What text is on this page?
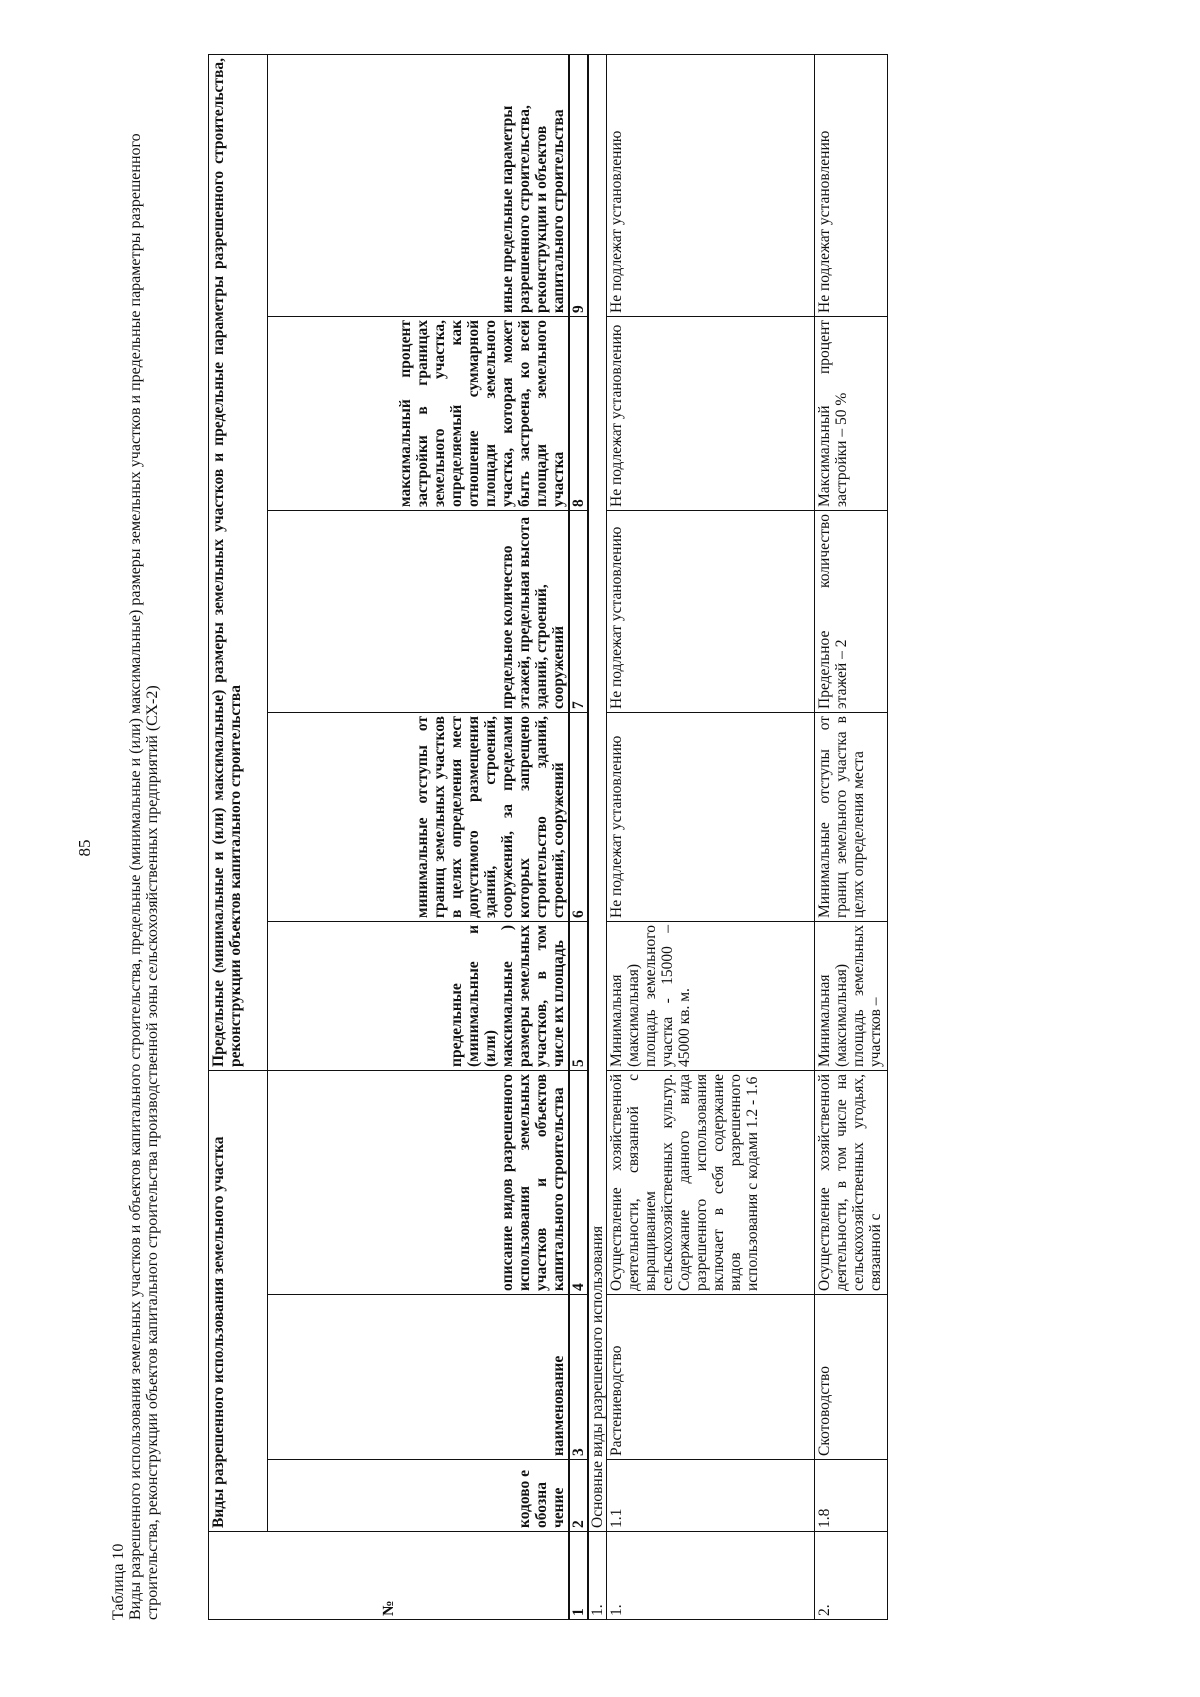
85
Таблица 10 Виды разрешенного использования земельных участков и объектов капитального строительства, предельные (минимальные и (или) максимальные) размеры земельных участков и предельные параметры разрешенного строительства, реконструкции объектов капитального строительства производственной зоны сельскохозяйственных предприятий (СХ-2)	№	Виды разрешенного использования земельного участка			Предельные (минимальные и (или) максимальные) размеры земельных участков и предельные параметры разрешенного строительства, реконструкции объектов капитального строительства				
	кодово е обозна чение	наименование	описание видов разрешенного использования земельных участков и объектов капитального строительства	предельные (минимальные и (или) максимальные ) размеры земельных участков, в том числе их площадь	минимальные отступы от границ земельных участков в целях определения мест допустимого размещения зданий, строений, сооружений, за пределами которых запрещено строительство зданий, строений, сооружений	предельное количество этажей, предельная высота зданий, строений, сооружений	максимальный процент застройки в границах земельного участка, определяемый как отношение суммарной площади земельного участка, которая может быть застроена, ко всей площади земельного участка	иные предельные параметры разрешенного строительства, реконструкции и объектов капитального строительства
1	2	3	4	5	6	7	8	9
1.	Основные виды разрешенного использования							
1.	1.1	Растениеводство	Осуществление хозяйственной деятельности, связанной с выращиванием сельскохозяйственных культур. Содержание данного вида разрешенного использования включает в себя содержание видов разрешенного использования с кодами 1.2 - 1.6	Минимальная (максимальная) площадь земельного участка - 15000 – 45000 кв. м.	Не подлежат установлению	Не подлежат установлению	Не подлежат установлению	Не подлежат установлению
2.	1.8	Скотоводство	Осуществление хозяйственной деятельности, в том числе на сельскохозяйственных угодьях, связанной с	Минимальная (максимальная) площадь земельных участков –	Минимальные отступы от границ земельного участка в целях определения места	Предельное количество этажей – 2	Максимальный процент застройки – 50 %	Не подлежат установлению
